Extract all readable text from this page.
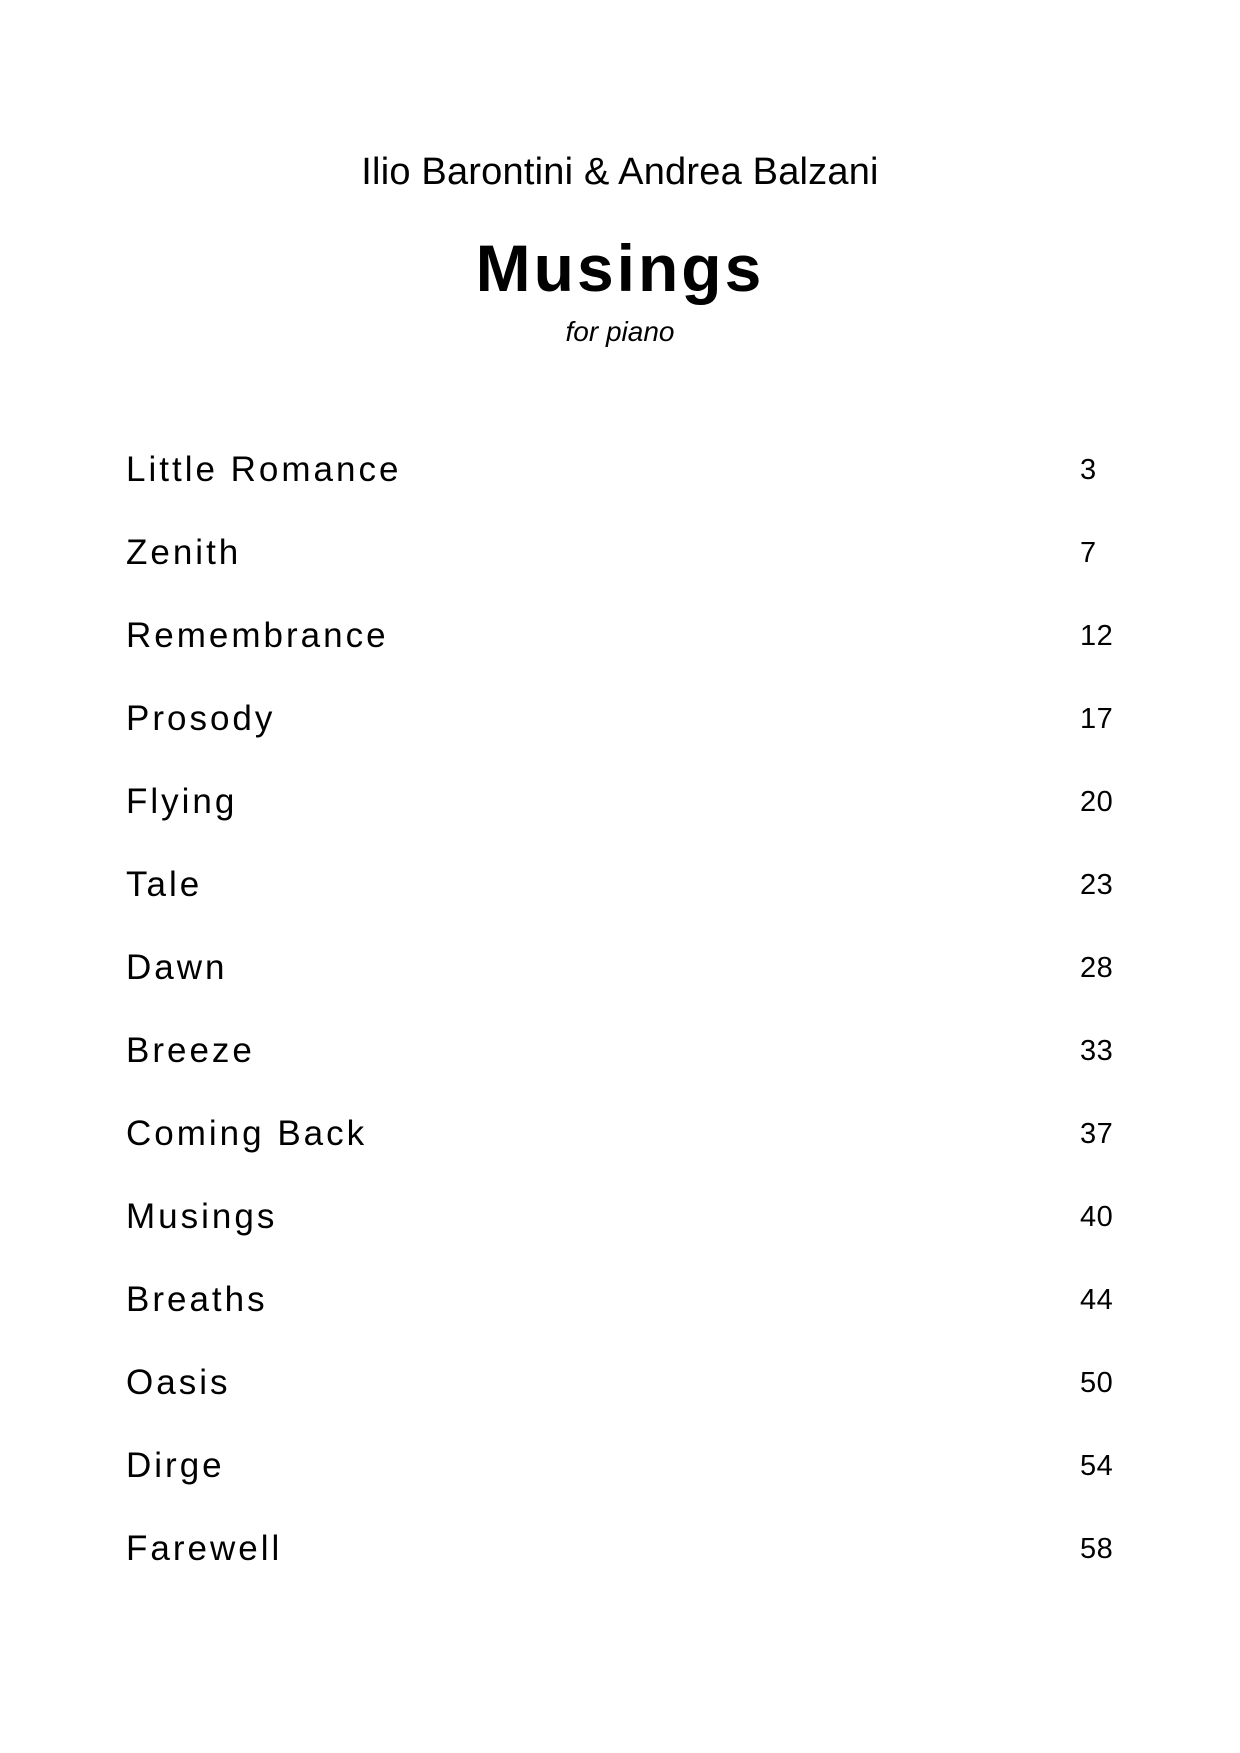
Ilio Barontini & Andrea Balzani
Musings
for piano
Little Romance	3
Zenith	7
Remembrance	12
Prosody	17
Flying	20
Tale	23
Dawn	28
Breeze	33
Coming Back	37
Musings	40
Breaths	44
Oasis	50
Dirge	54
Farewell	58
